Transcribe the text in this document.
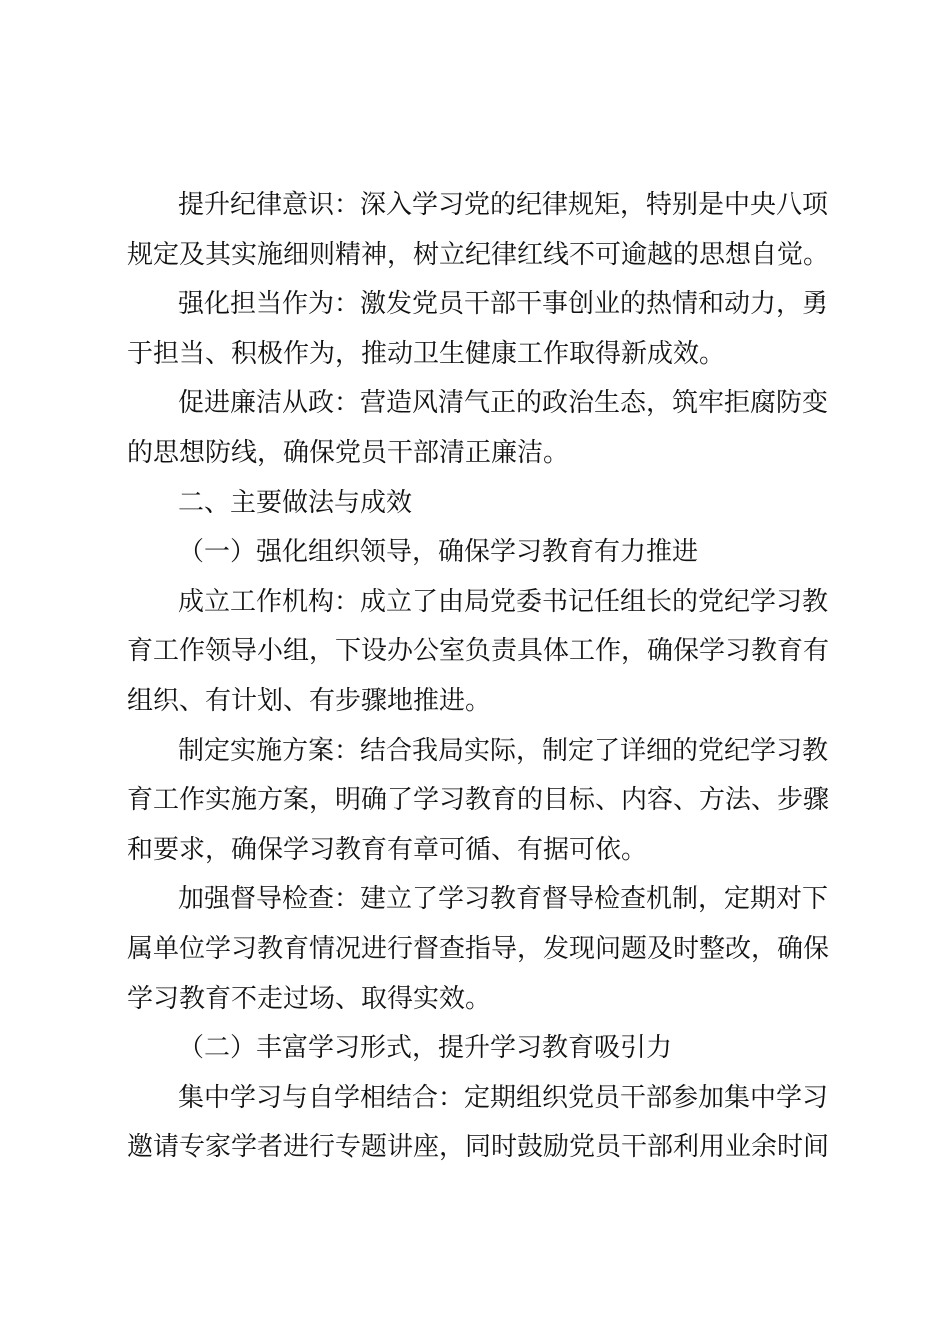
提升纪律意识：深入学习党的纪律规矩，特别是中央八项
规定及其实施细则精神，树立纪律红线不可逾越的思想自觉。
强化担当作为：激发党员干部干事创业的热情和动力，勇
于担当、积极作为，推动卫生健康工作取得新成效。
促进廉洁从政：营造风清气正的政治生态，筑牢拒腐防变
的思想防线，确保党员干部清正廉洁。
二、主要做法与成效
（一）强化组织领导，确保学习教育有力推进
成立工作机构：成立了由局党委书记任组长的党纪学习教
育工作领导小组，下设办公室负责具体工作，确保学习教育有
组织、有计划、有步骤地推进。
制定实施方案：结合我局实际，制定了详细的党纪学习教
育工作实施方案，明确了学习教育的目标、内容、方法、步骤
和要求，确保学习教育有章可循、有据可依。
加强督导检查：建立了学习教育督导检查机制，定期对下
属单位学习教育情况进行督查指导，发现问题及时整改，确保
学习教育不走过场、取得实效。
（二）丰富学习形式，提升学习教育吸引力
集中学习与自学相结合：定期组织党员干部参加集中学习
邀请专家学者进行专题讲座，同时鼓励党员干部利用业余时间
